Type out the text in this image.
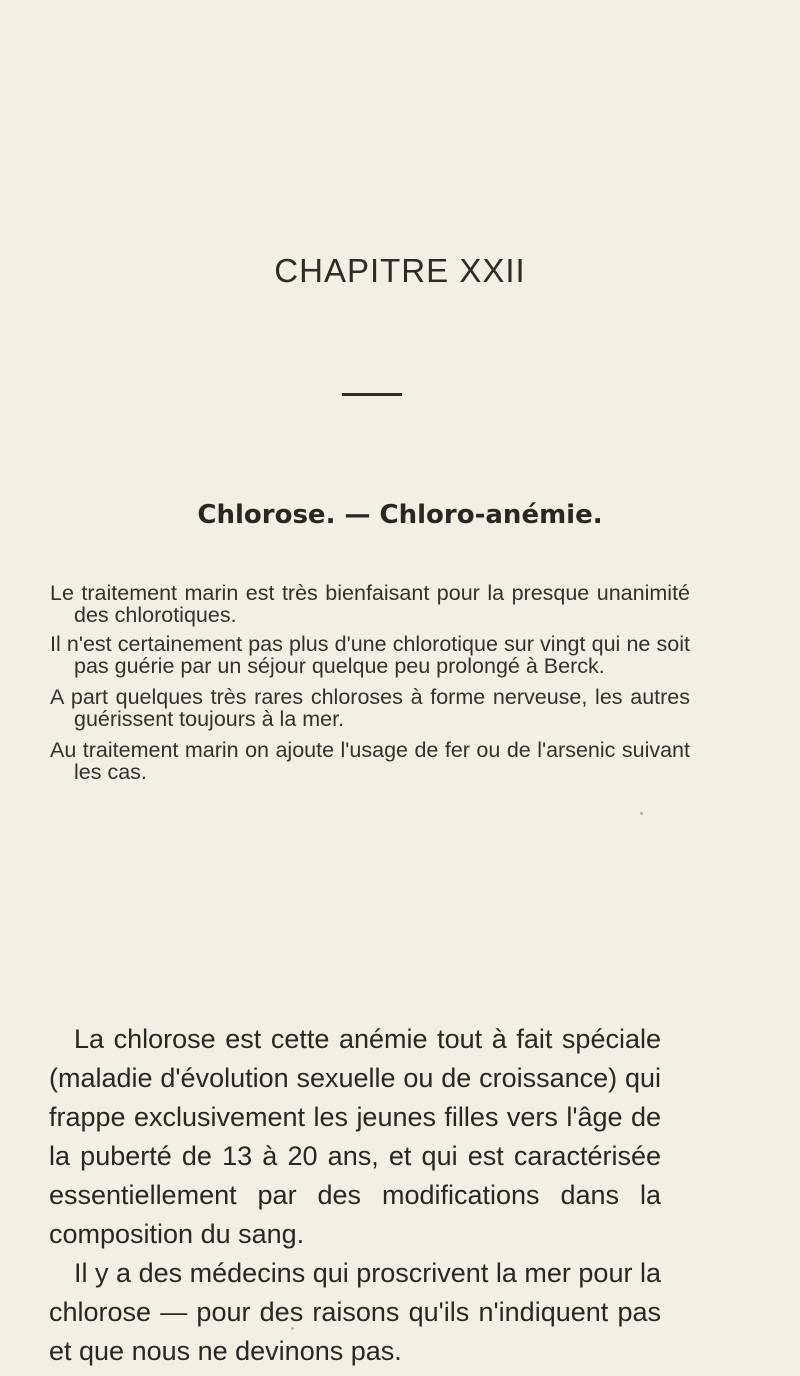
CHAPITRE XXII
Chlorose. — Chloro-anémie.

Le traitement marin est très bienfaisant pour la presque unanimité des chlorotiques.

Il n'est certainement pas plus d'une chlorotique sur vingt qui ne soit pas guérie par un séjour quelque peu prolongé à Berck.

A part quelques très rares chloroses à forme nerveuse, les autres guérissent toujours à la mer.

Au traitement marin on ajoute l'usage de fer ou de l'arsenic suivant les cas.

La chlorose est cette anémie tout à fait spéciale (maladie d'évolution sexuelle ou de croissance) qui frappe exclusivement les jeunes filles vers l'âge de la puberté de 13 à 20 ans, et qui est caractérisée essentiellement par des modifications dans la composition du sang.

Il y a des médecins qui proscrivent la mer pour la chlorose — pour des raisons qu'ils n'indiquent pas et que nous ne devinons pas.
